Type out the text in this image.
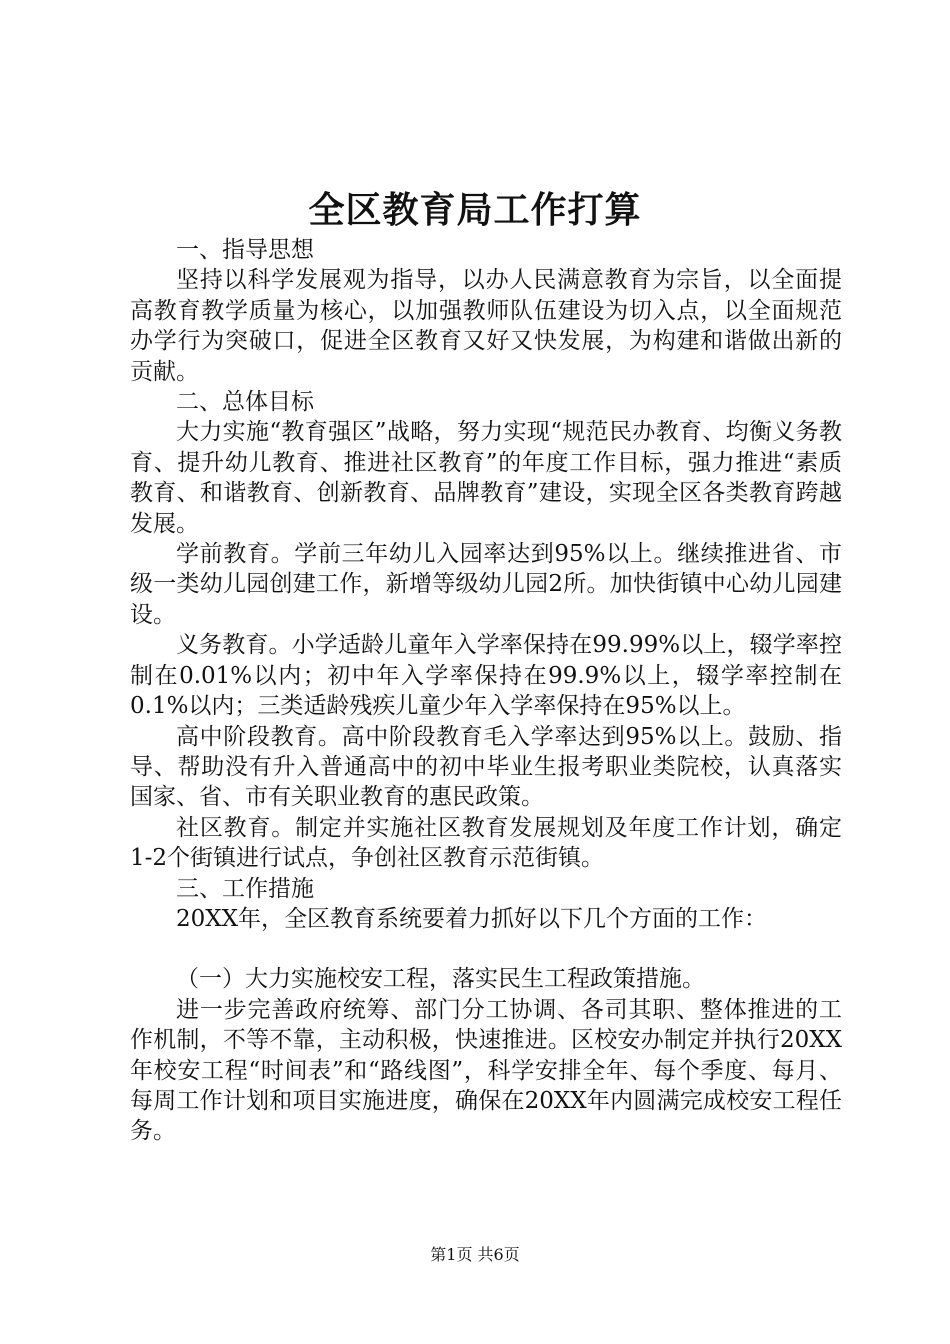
全区教育局工作打算

一、指导思想

坚持以科学发展观为指导，以办人民满意教育为宗旨，以全面提高教育教学质量为核心，以加强教师队伍建设为切入点，以全面规范办学行为突破口，促进全区教育又好又快发展，为构建和谐做出新的贡献。

二、总体目标

大力实施“教育强区”战略，努力实现“规范民办教育、均衡义务教育、提升幼儿教育、推进社区教育”的年度工作目标，强力推进“素质教育、和谐教育、创新教育、品牌教育”建设，实现全区各类教育跨越发展。

学前教育。学前三年幼儿入园率达到95%以上。继续推进省、市级一类幼儿园创建工作，新增等级幼儿园2所。加快街镇中心幼儿园建设。

义务教育。小学适龄儿童年入学率保持在99.99%以上，辍学率控制在0.01%以内；初中年入学率保持在99.9%以上，辍学率控制在0.1%以内；三类适龄残疾儿童少年入学率保持在95%以上。

高中阶段教育。高中阶段教育毛入学率达到95%以上。鼓励、指导、帮助没有升入普通高中的初中毕业生报考职业类院校，认真落实国家、省、市有关职业教育的惠民政策。

社区教育。制定并实施社区教育发展规划及年度工作计划，确定1-2个街镇进行试点，争创社区教育示范街镇。

三、工作措施

20XX年，全区教育系统要着力抓好以下几个方面的工作：

（一）大力实施校安工程，落实民生工程政策措施。

进一步完善政府统筹、部门分工协调、各司其职、整体推进的工作机制，不等不靠，主动积极，快速推进。区校安办制定并执行20XX年校安工程“时间表”和“路线图”，科学安排全年、每个季度、每月、每周工作计划和项目实施进度，确保在20XX年内圆满完成校安工程任务。

第1页 共6页
